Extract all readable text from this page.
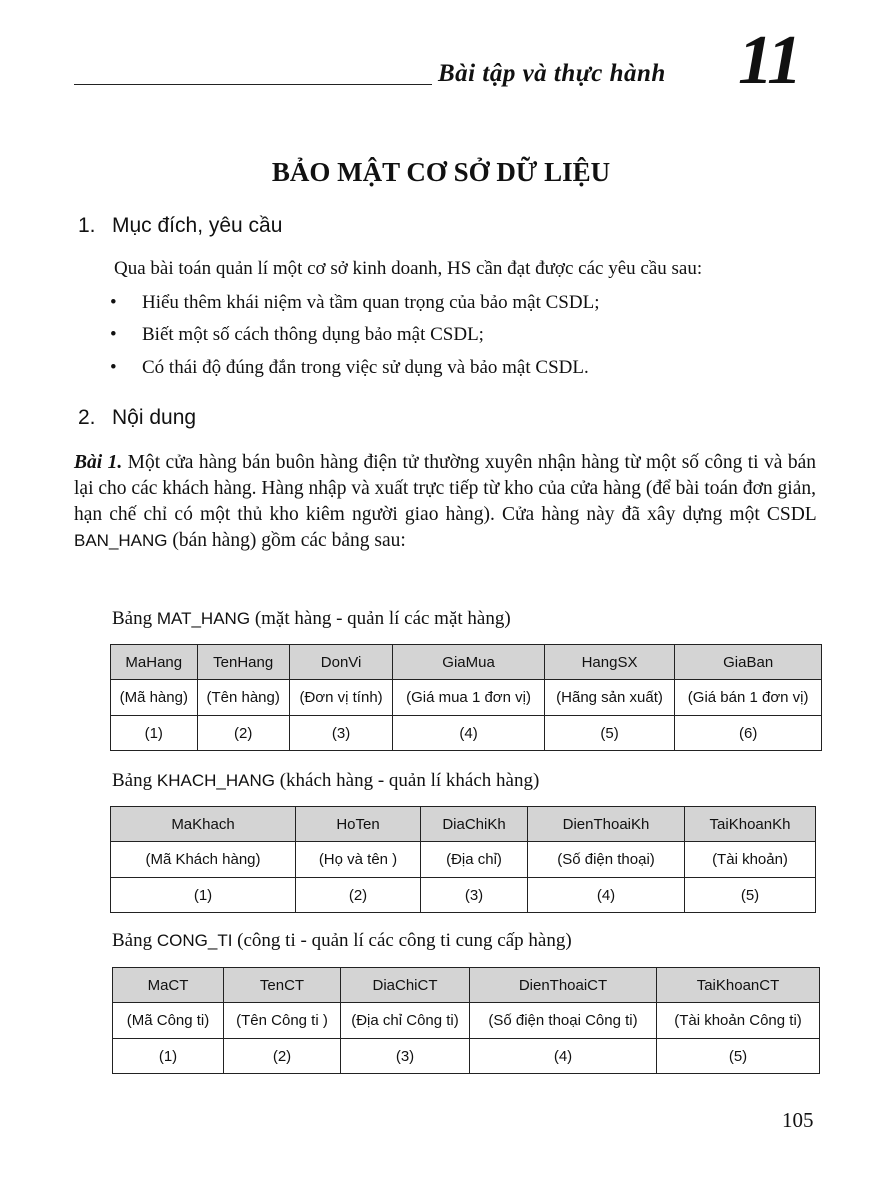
Bài tập và thực hành 11
BẢO MẬT CƠ SỞ DỮ LIỆU
1. Mục đích, yêu cầu
Qua bài toán quản lí một cơ sở kinh doanh, HS cần đạt được các yêu cầu sau:
• Hiểu thêm khái niệm và tầm quan trọng của bảo mật CSDL;
• Biết một số cách thông dụng bảo mật CSDL;
• Có thái độ đúng đắn trong việc sử dụng và bảo mật CSDL.
2. Nội dung
Bài 1. Một cửa hàng bán buôn hàng điện tử thường xuyên nhận hàng từ một số công ti và bán lại cho các khách hàng. Hàng nhập và xuất trực tiếp từ kho của cửa hàng (để bài toán đơn giản, hạn chế chỉ có một thủ kho kiêm người giao hàng). Cửa hàng này đã xây dựng một CSDL BAN_HANG (bán hàng) gồm các bảng sau:
Bảng MAT_HANG (mặt hàng - quản lí các mặt hàng)
MaHang	TenHang	DonVi	GiaMua	HangSX	GiaBan
(Mã hàng)	(Tên hàng)	(Đơn vị tính)	(Giá mua 1 đơn vị)	(Hãng sản xuất)	(Giá bán 1 đơn vị)
(1)	(2)	(3)	(4)	(5)	(6)
Bảng KHACH_HANG (khách hàng - quản lí khách hàng)
MaKhach	HoTen	DiaChiKh	DienThoaiKh	TaiKhoanKh
(Mã Khách hàng)	(Họ và tên )	(Địa chỉ)	(Số điện thoại)	(Tài khoản)
(1)	(2)	(3)	(4)	(5)
Bảng CONG_TI (công ti - quản lí các công ti cung cấp hàng)
MaCT	TenCT	DiaChiCT	DienThoaiCT	TaiKhoanCT
(Mã Công ti)	(Tên Công ti )	(Địa chỉ Công ti)	(Số điện thoại Công ti)	(Tài khoản Công ti)
(1)	(2)	(3)	(4)	(5)
105
